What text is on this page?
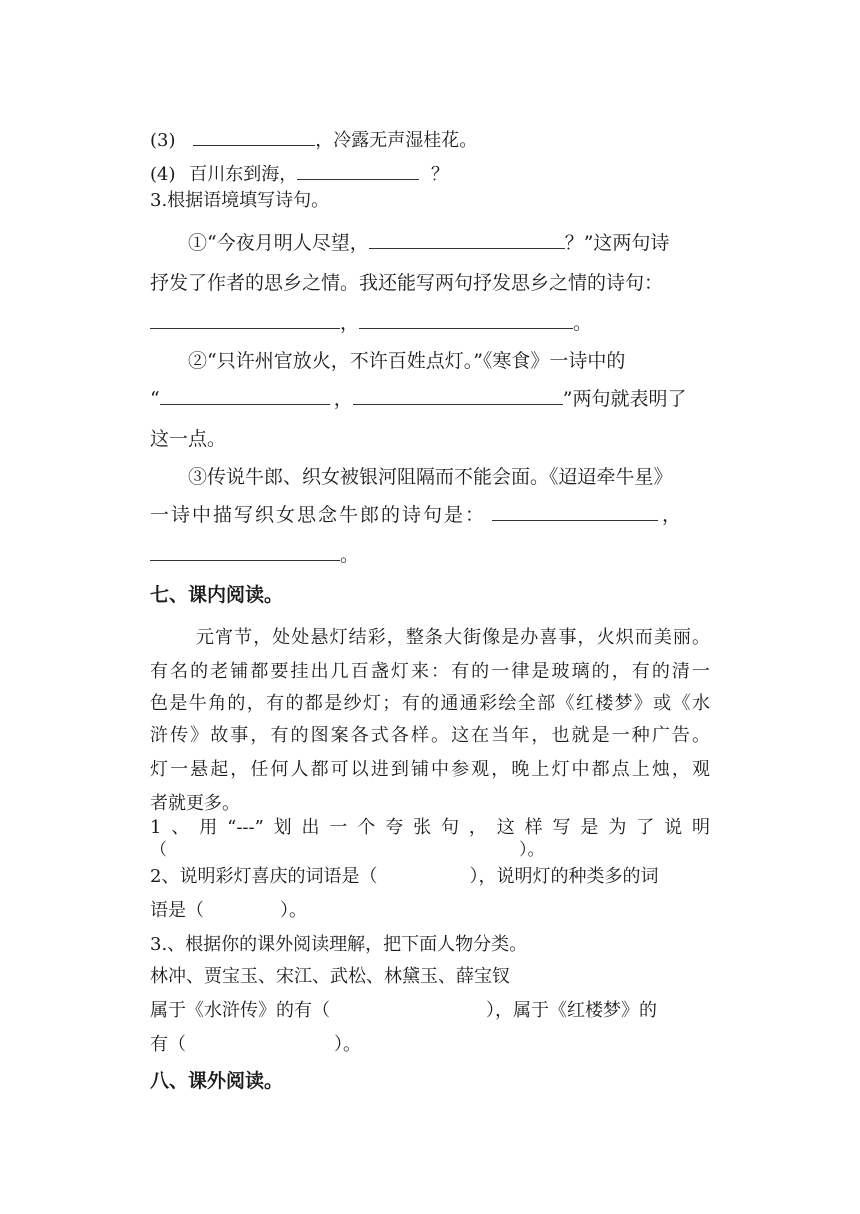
(3)	，冷露无声湿桂花。
(4) 百川东到海，	？
3.根据语境填写诗句。
①“今夜月明人尽望，	？”这两句诗
抒发了作者的思乡之情。我还能写两句抒发思乡之情的诗句：
，	。
②“只许州官放火，不许百姓点灯。”《寒食》一诗中的
“	，	”两句就表明了
这一点。
③传说牛郎、织女被银河阻隔而不能会面。《迢迢牵牛星》
一诗中描写织女思念牛郎的诗句是：	，
。
七、课内阅读。
元宵节，处处悬灯结彩，整条大街像是办喜事，火炽而美丽。
有名的老铺都要挂出几百盏灯来：有的一律是玻璃的，有的清一
色是牛角的，有的都是纱灯；有的通通彩绘全部《红楼梦》或《水
浒传》故事，有的图案各式各样。这在当年，也就是一种广告。
灯一悬起，任何人都可以进到铺中参观，晚上灯中都点上烛，观
者就更多。
1、用“---”划出一个夸张句，这样写是为了说明
（	）。
2、说明彩灯喜庆的词语是（	），说明灯的种类多的词
语是（	）。
3.、根据你的课外阅读理解，把下面人物分类。
林冲、贾宝玉、宋江、武松、林黛玉、薛宝钗
属于《水浒传》的有（	），属于《红楼梦》的
有（	）。
八、课外阅读。
